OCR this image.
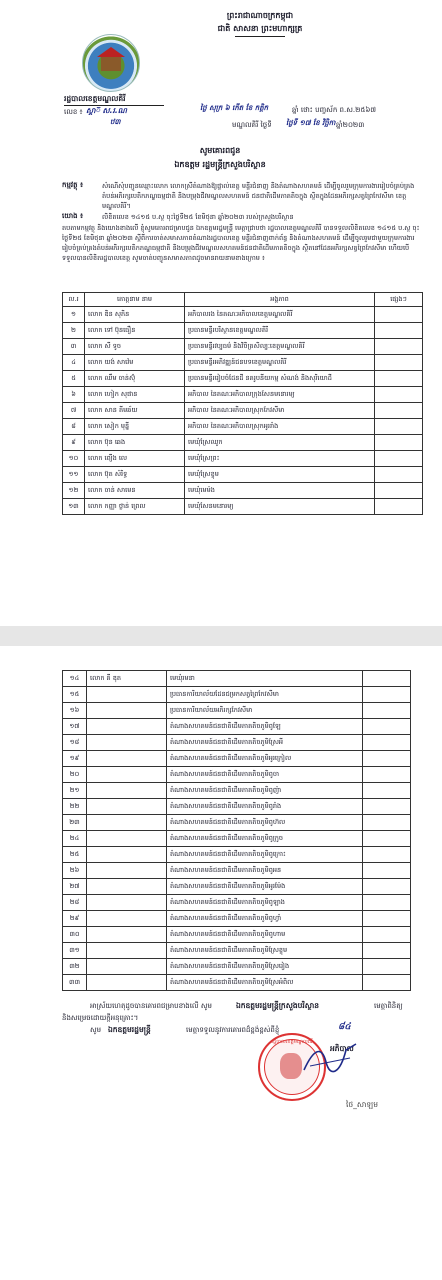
ព្រះរាជាណាចក្រកម្ពុជា
ជាតិ សាសនា ព្រះមហាក្សត្រ
រដ្ឋបាលខេត្តមណ្ឌលគិរី
លេខ ៖ ស្គា៊ ស.រ.ណ
ឋ៣
ថ្ងៃ សុក្រ ៦ កើត ខែ កត្តិក	ឆ្នាំ ថោះ បញ្ចស័ក ព.ស.២៥៦៧
មណ្ឌលគិរី ថ្ងៃទី ថ្ងៃទី ១៧ ខែ វិច្ឆិកា ឆ្នាំ២០២៣
សូមគោរពជូន
ឯកឧត្តម រដ្ឋមន្ត្រីក្រសួងបរិស្ថាន
កម្មវត្ថុ ៖	សំណើសុំបញ្ជូនឈ្មោះលោក លោកស្រីតំណាងឱ្យផ្ទាល់ខេត្ត មន្ទីរជំនាញ និងតំណាងសហគមន៍ ដើម្បីចូលរួមក្រុមការងាររៀបចំគ្រប់គ្រងតំបន់អភិរក្សបេតិកភណ្ឌធម្មជាតិ និងបម្រុងជីវមណ្ឌលសហគមន៍ ជនជាតិដើមភាគតិចក្នុង ស្ថិតក្នុងដែនអភិរក្សសត្វព្រៃកែវសីមា ខេត្តមណ្ឌលគិរី។
យោង ៖	លិខិតលេខ ១៤១៥ ប.ស្ថ ចុះថ្ងៃទី២៥ ខែមិថុនា ឆ្នាំ២០២៣ របស់ក្រសួងបរិស្ថាន
តបតាមកម្មវត្ថុ និងយោងខាងលើ ខ្ញុំសូមគោរពជម្រាបជូន ឯកឧត្តមរដ្ឋមន្ត្រី មេត្តាជ្រាបថា រដ្ឋបាលខេត្តមណ្ឌលគិរី បានទទួលលិខិតលេខ ១៤១៥ ប.ស្ថ ចុះថ្ងៃទី២៥ ខែមិថុនា ឆ្នាំ២០២៣ ស្ដីពីការចាត់សមាសភាពតំណាងរដ្ឋបាលខេត្ត មន្ទីរជំនាញពាក់ព័ន្ធ និងតំណាងសហគមន៍ ដើម្បីចូលរួមជាមួយក្រុមការងាររៀបចំគ្រប់គ្រងតំបន់អភិរក្សបេតិកភណ្ឌធម្មជាតិ និងបម្រុងជីវមណ្ឌលសហគមន៍ជនជាតិដើមភាគតិចក្នុង ស្ថិតនៅដែនអភិរក្សសត្វព្រៃកែវសីមា ហើយបើទទួលបានលិខិតរដ្ឋបាលខេត្ត សូមចាត់បញ្ជូនសមាសភាពដូចមានរាយនាមខាងក្រោម ៖
ល.រ	គោត្តនាម នាម	អង្គភាព	ផ្សេងៗ
១	លោក ឌិន សុភិន	អភិបាលរង នៃគណៈអភិបាលខេត្តមណ្ឌលគិរី	
២	លោក ទៅ ប៊ុនធឿន	ប្រធានមន្ទីរបរិស្ថានខេត្តមណ្ឌលគិរី	
៣	លោក សី ទូច	ប្រធានមន្ទីរវប្បធម៌ និងវិចិត្រសិល្បៈខេត្តមណ្ឌលគិរី	
៤	លោក យង់ សាវ៉េម	ប្រធានមន្ទីរអភិវឌ្ឍន៍ជនបទខេត្តមណ្ឌលគិរី	
៥	លោក ឈឹម ចាន់ស៊ុំ	ប្រធានមន្ទីររៀបចំដែនដី នគរូបនីយកម្ម សំណង់ និងសុរិយោដី	
៦	លោក ហៀក សុផាន	អភិបាល នៃគណៈអភិបាលក្រុងសែនមនោរម្យ	
៧	លោក សាន គីមឆ័យ	អភិបាល នៃគណៈអភិបាលស្រុកកែវសីមា	
៨	លោក សៀក មុន្នី	អភិបាល នៃគណៈអភិបាលស្រុកអូររាំង	
៩	លោក ប៊ុន ឆេង	មេឃុំស្រែឈូក	
១០	លោក ព្យើង លេ	មេឃុំស្រែព្រះ	
១១	លោក ប៊ុត សំរិទ្ធ	មេឃុំស្រែខ្ទុម	
១២	លោក ចាន់ សាមេន	មេឃុំមេម៉ង	
១៣	លោក កញ្ញា ថ្លាន់ ព្រេល	មេឃុំសែនមនោរម្យ	
១៤	លោក គី ឌុត	មេឃុំរមនា	
១៥		ប្រធានការិយាល័យដែនជម្រកសត្វព្រៃកែវសីមា	
១៦		ប្រធានការិយាល័យអភិរក្សកែវសីមា	
១៧		តំណាងសហគមន៍ជនជាតិដើមភាគតិចភូមិពូឡែ	
១៨		តំណាងសហគមន៍ជនជាតិដើមភាគតិចភូមិស្រែអី	
១៩		តំណាងសហគមន៍ជនជាតិដើមភាគតិចភូមិអូរក្រៀល	
២០		តំណាងសហគមន៍ជនជាតិដើមភាគតិចភូមិពូចា	
២១		តំណាងសហគមន៍ជនជាតិដើមភាគតិចភូមិពូញ៉ា	
២២		តំណាងសហគមន៍ជនជាតិដើមភាគតិចភូមិពូរាំង	
២៣		តំណាងសហគមន៍ជនជាតិដើមភាគតិចភូមិពូហ៊ល	
២៤		តំណាងសហគមន៍ជនជាតិដើមភាគតិចភូមិពូក្រូច	
២៥		តំណាងសហគមន៍ជនជាតិដើមភាគតិចភូមិពូក្រោះ	
២៦		តំណាងសហគមន៍ជនជាតិដើមភាគតិចភូមិពូអន	
២៧		តំណាងសហគមន៍ជនជាតិដើមភាគតិចភូមិអូរម៉ែង	
២៨		តំណាងសហគមន៍ជនជាតិដើមភាគតិចភូមិពូឡាង	
២៩		តំណាងសហគមន៍ជនជាតិដើមភាគតិចភូមិពូហ្វាំ	
៣០		តំណាងសហគមន៍ជនជាតិដើមភាគតិចភូមិពូហាម	
៣១		តំណាងសហគមន៍ជនជាតិដើមភាគតិចភូមិស្រែខ្ទុម	
៣២		តំណាងសហគមន៍ជនជាតិដើមភាគតិចភូមិស្រែរៀង	
៣៣		តំណាងសហគមន៍ជនជាតិដើមភាគតិចភូមិស្រែអំពិល	
អាស្រ័យហេតុដូចបានគោរពជម្រាបខាងលើ សូម	ឯកឧត្តមរដ្ឋមន្ត្រីក្រសួងបរិស្ថាន	មេត្តាពិនិត្យ
និងសម្រេចដោយក្តីអនុគ្រោះ។
សូម ឯកឧត្តមរដ្ឋមន្ត្រី	មេត្តាទទួលនូវការគោរពដ៏ខ្ពង់ខ្ពស់ពីខ្ញុំ	៨៤
រដ្ឋបាលខេត្តមណ្ឌលគិរី
អភិបាល
ថៃ_សាឡម
